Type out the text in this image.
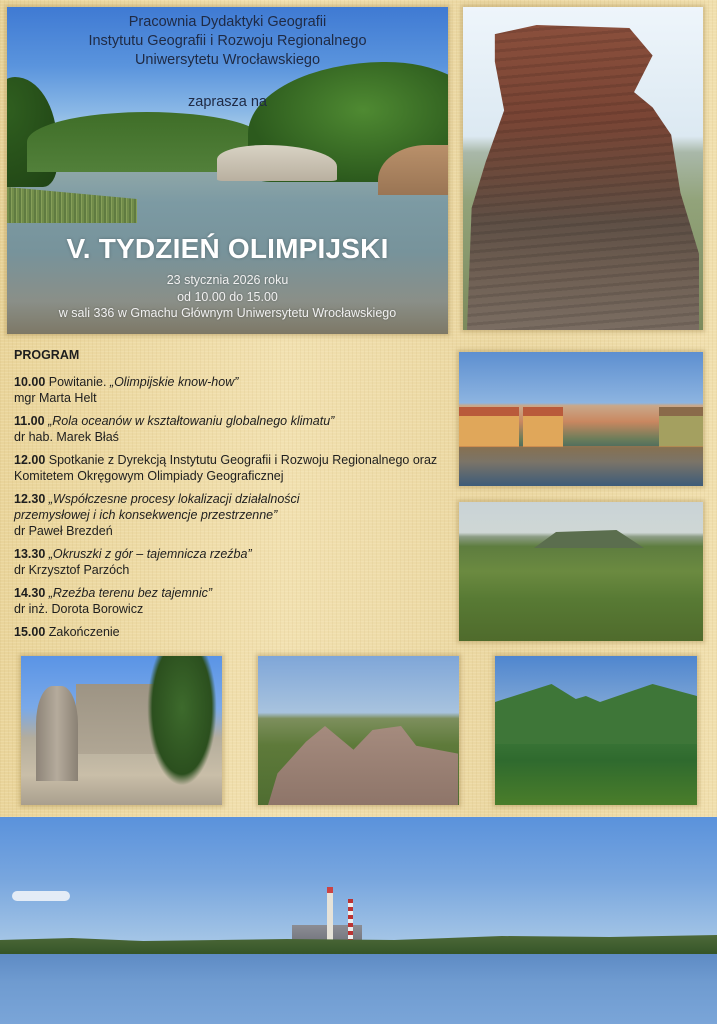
Pracownia Dydaktyki Geografii
Instytutu Geografii i Rozwoju Regionalnego
Uniwersytetu Wrocławskiego
zaprasza na
V. TYDZIEŃ OLIMPIJSKI
23 stycznia 2026 roku
od 10.00 do 15.00
w sali 336 w Gmachu Głównym Uniwersytetu Wrocławskiego
PROGRAM
10.00 Powitanie. „Olimpijskie know-how”
mgr Marta Helt
11.00 „Rola oceanów w kształtowaniu globalnego klimatu”
dr hab. Marek Błaś
12.00 Spotkanie z Dyrekcją Instytutu Geografii i Rozwoju Regionalnego oraz Komitetem Okręgowym Olimpiady Geograficznej
12.30 „Współczesne procesy lokalizacji działalności przemysłowej i ich konsekwencje przestrzenne”
dr Paweł Brezdeń
13.30 „Okruszki z gór – tajemnicza rzeźba”
dr Krzysztof Parzóch
14.30 „Rzeźba terenu bez tajemnic”
dr inż. Dorota Borowicz
15.00 Zakończenie
